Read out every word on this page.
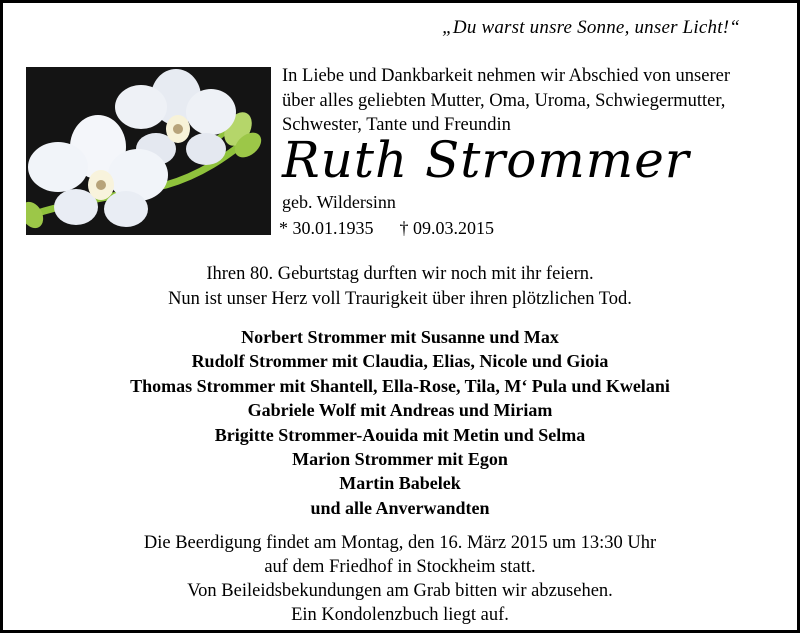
„Du warst unsre Sonne, unser Licht!“
In Liebe und Dankbarkeit nehmen wir Abschied von unserer
über alles geliebten Mutter, Oma, Uroma, Schwiegermutter,
Schwester, Tante und Freundin
Ruth Strommer
geb. Wildersinn
* 30.01.1935 † 09.03.2015
Ihren 80. Geburtstag durften wir noch mit ihr feiern.
Nun ist unser Herz voll Traurigkeit über ihren plötzlichen Tod.
Norbert Strommer mit Susanne und Max
Rudolf Strommer mit Claudia, Elias, Nicole und Gioia
Thomas Strommer mit Shantell, Ella-Rose, Tila, M‘ Pula und Kwelani
Gabriele Wolf mit Andreas und Miriam
Brigitte Strommer-Aouida mit Metin und Selma
Marion Strommer mit Egon
Martin Babelek
und alle Anverwandten
Die Beerdigung findet am Montag, den 16. März 2015 um 13:30 Uhr
auf dem Friedhof in Stockheim statt.
Von Beileidsbekundungen am Grab bitten wir abzusehen.
Ein Kondolenzbuch liegt auf.
